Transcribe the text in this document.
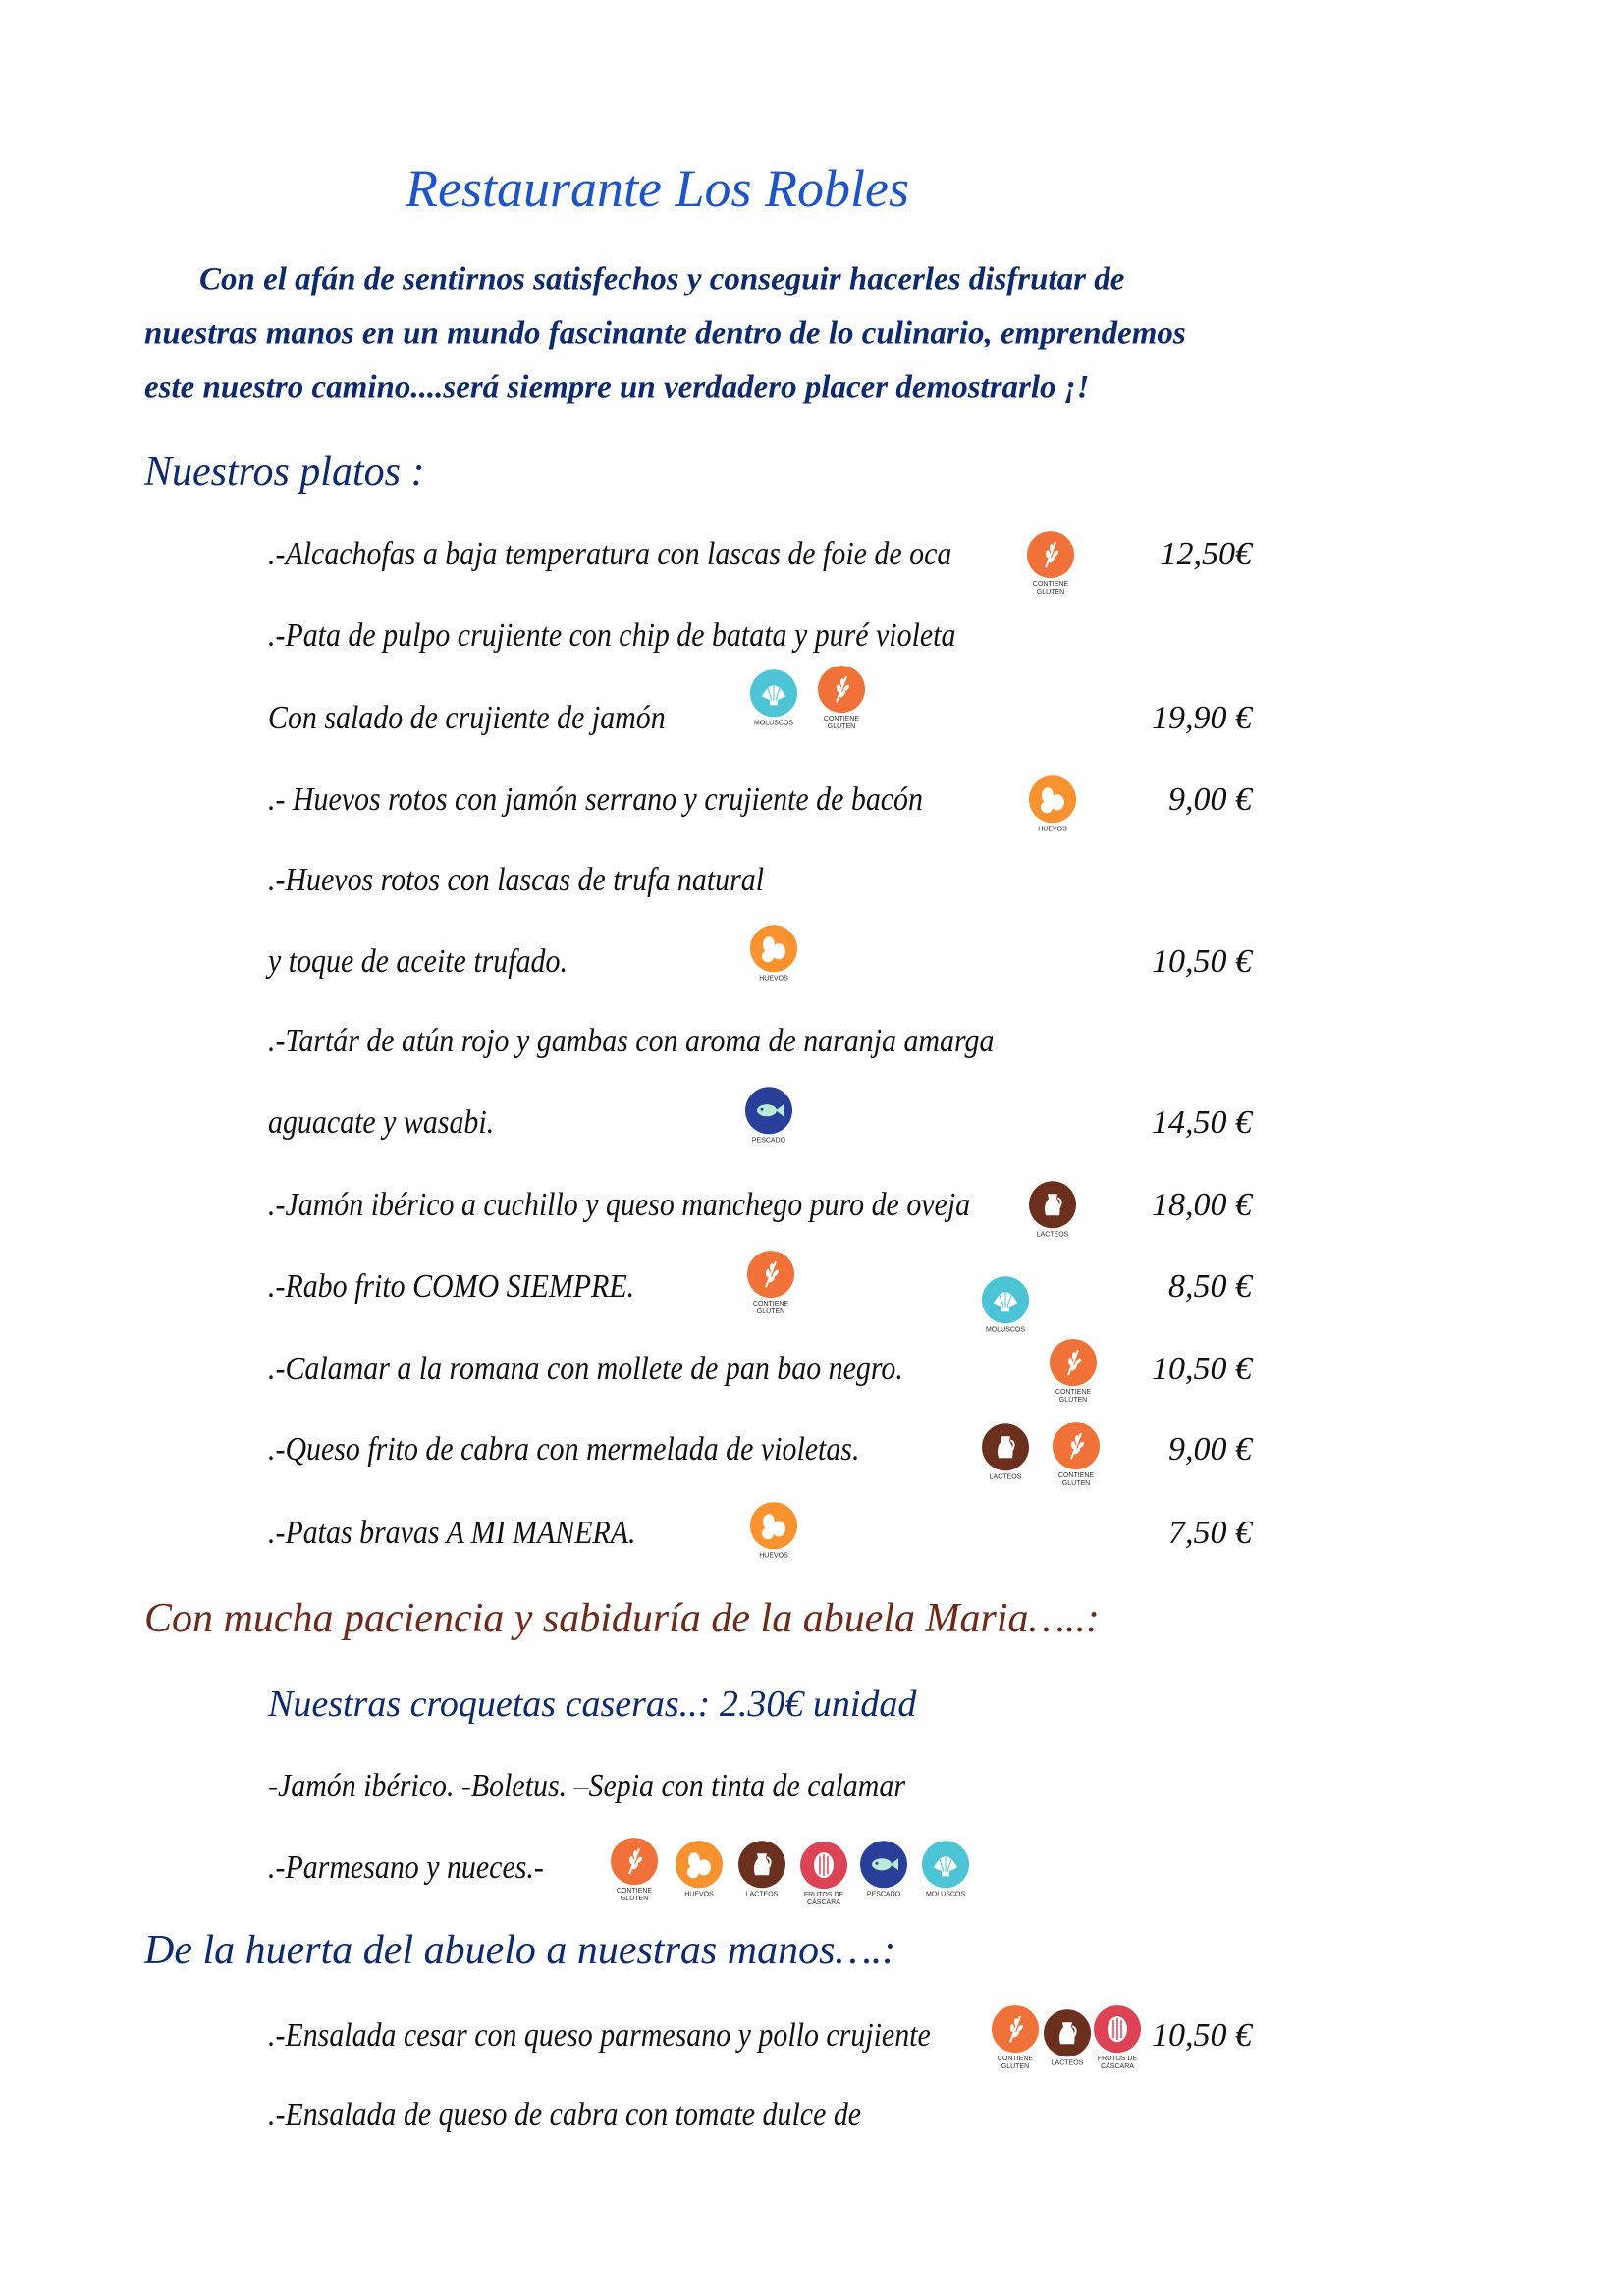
Restaurante Los Robles
Con el afán de sentirnos satisfechos y conseguir hacerles disfrutar de
nuestras manos en un mundo fascinante dentro de lo culinario, emprendemos
este nuestro camino....será siempre un verdadero placer demostrarlo ¡!
Nuestros platos :
.-Alcachofas a baja temperatura con lascas de foie de oca	12,50€
.-Pata de pulpo crujiente con chip de batata y puré violeta
Con salado de crujiente de jamón	19,90 €
.- Huevos rotos con jamón serrano y crujiente de bacón	9,00 €
.-Huevos rotos con lascas de trufa natural
y toque de aceite trufado.	10,50 €
.-Tartár de atún rojo y gambas con aroma de naranja amarga
aguacate y wasabi.	14,50 €
.-Jamón ibérico a cuchillo y queso manchego puro de oveja	18,00 €
.-Rabo frito COMO SIEMPRE.	8,50 €
.-Calamar a la romana con mollete de pan bao negro.	10,50 €
.-Queso frito de cabra con mermelada de violetas.	9,00 €
.-Patas bravas A MI MANERA.	7,50 €
Con mucha paciencia y sabiduría de la abuela Maria…..:
Nuestras croquetas caseras..: 2.30€ unidad
-Jamón ibérico. -Boletus. –Sepia con tinta de calamar
.-Parmesano y nueces.-
De la huerta del abuelo a nuestras manos….:
.-Ensalada cesar con queso parmesano y pollo crujiente	10,50 €
.-Ensalada de queso de cabra con tomate dulce de
CONTIENE GLUTEN
MOLUSCOS
CONTIENE GLUTEN
HUEVOS
HUEVOS
PESCADO
LACTEOS
CONTIENE GLUTEN
MOLUSCOS
CONTIENE GLUTEN
LACTEOS	CONTIENE GLUTEN
HUEVOS
CONTIENE GLUTEN
HUEVOS	LACTEOS	FRUTOS DE CÁSCARA
PESCADO	MOLUSCOS
CONTIENE GLUTEN
LACTEOS
FRUTOS DE CÁSCARA
